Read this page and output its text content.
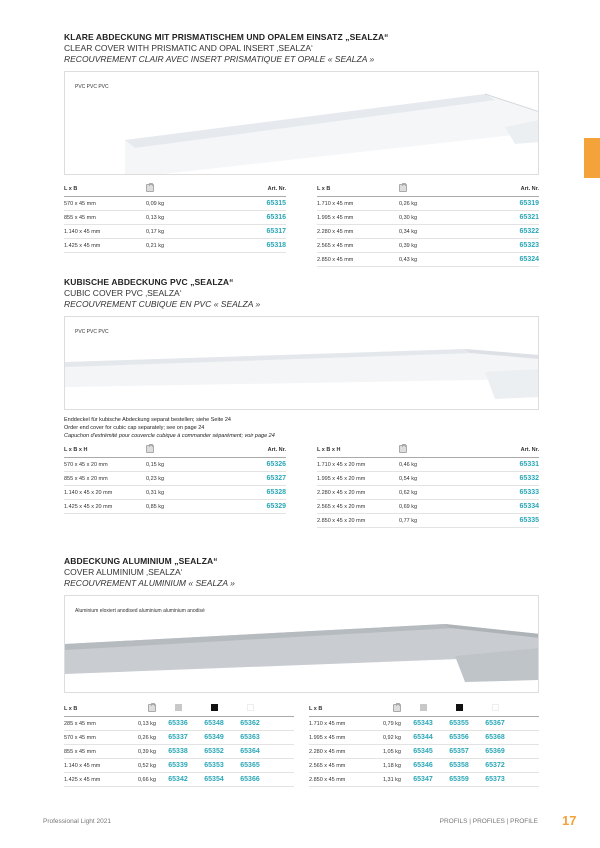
KLARE ABDECKUNG MIT PRISMATISCHEM UND OPALEM EINSATZ „SEALZA“
CLEAR COVER WITH PRISMATIC AND OPAL INSERT ‚SEALZA‘
RECOUVREMENT CLAIR AVEC INSERT PRISMATIQUE ET OPALE « SEALZA »
PVC PVC PVC
L x B	Art. Nr.
570 x 45 mm	0,09 kg	65315
855 x 45 mm	0,13 kg	65316
1.140 x 45 mm	0,17 kg	65317
1.425 x 45 mm	0,21 kg	65318
L x B	Art. Nr.
1.710 x 45 mm	0,26 kg	65319
1.995 x 45 mm	0,30 kg	65321
2.280 x 45 mm	0,34 kg	65322
2.565 x 45 mm	0,39 kg	65323
2.850 x 45 mm	0,43 kg	65324
KUBISCHE ABDECKUNG PVC „SEALZA“
CUBIC COVER PVC ‚SEALZA‘
RECOUVREMENT CUBIQUE EN PVC « SEALZA »
PVC PVC PVC
Enddeckel für kubische Abdeckung separat bestellen; siehe Seite 24
Order end cover for cubic cap separately; see on page 24
Capuchon d'extrémité pour couvercle cubique à commander séparément; voir page 24
L x B x H	Art. Nr.
570 x 45 x 20 mm	0,15 kg	65326
855 x 45 x 20 mm	0,23 kg	65327
1.140 x 45 x 20 mm	0,31 kg	65328
1.425 x 45 x 20 mm	0,85 kg	65329
L x B x H	Art. Nr.
1.710 x 45 x 20 mm	0,46 kg	65331
1.995 x 45 x 20 mm	0,54 kg	65332
2.280 x 45 x 20 mm	0,62 kg	65333
2.565 x 45 x 20 mm	0,69 kg	65334
2.850 x 45 x 20 mm	0,77 kg	65335
ABDECKUNG ALUMINIUM „SEALZA“
COVER ALUMINIUM ‚SEALZA‘
RECOUVREMENT ALUMINIUM « SEALZA »
Aluminium eloxiert anodised aluminium aluminium anodisé
L x B
285 x 45 mm	0,13 kg	65336	65348	65362
570 x 45 mm	0,26 kg	65337	65349	65363
855 x 45 mm	0,39 kg	65338	65352	65364
1.140 x 45 mm	0,52 kg	65339	65353	65365
1.425 x 45 mm	0,66 kg	65342	65354	65366
L x B
1.710 x 45 mm	0,79 kg	65343	65355	65367
1.995 x 45 mm	0,92 kg	65344	65356	65368
2.280 x 45 mm	1,05 kg	65345	65357	65369
2.565 x 45 mm	1,18 kg	65346	65358	65372
2.850 x 45 mm	1,31 kg	65347	65359	65373
Professional Light 2021	PROFILS | PROFILES | PROFILE 17
